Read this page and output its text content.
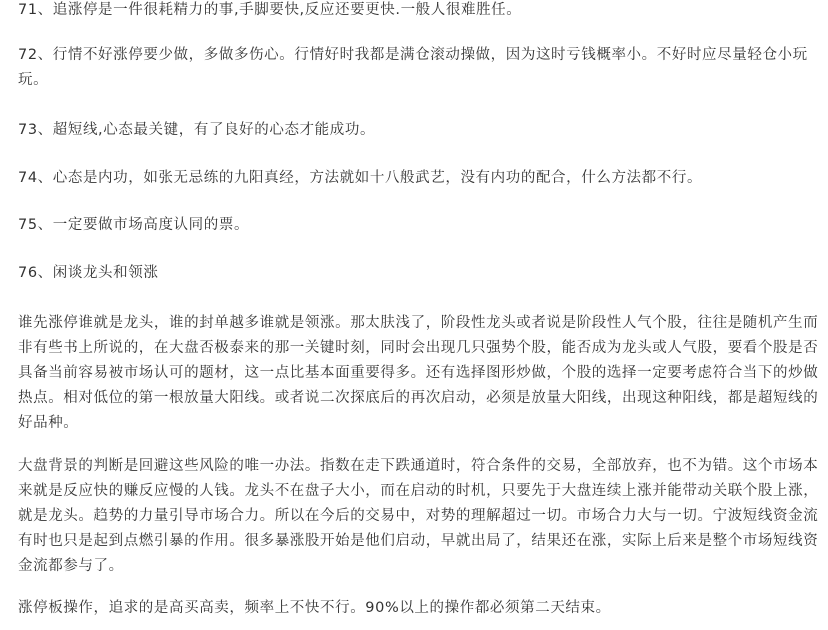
71、追涨停是一件很耗精力的事,手脚要快,反应还要更快.一般人很难胜任。

72、行情不好涨停要少做，多做多伤心。行情好时我都是满仓滚动操做，因为这时亏钱概率小。不好时应尽量轻仓小玩玩。

73、超短线,心态最关键，有了良好的心态才能成功。

74、心态是内功，如张无忌练的九阳真经，方法就如十八般武艺，没有内功的配合，什么方法都不行。

75、一定要做市场高度认同的票。

76、闲谈龙头和领涨

谁先涨停谁就是龙头，谁的封单越多谁就是领涨。那太肤浅了，阶段性龙头或者说是阶段性人气个股，往往是随机产生而非有些书上所说的，在大盘否极泰来的那一关键时刻，同时会出现几只强势个股，能否成为龙头或人气股，要看个股是否具备当前容易被市场认可的题材，这一点比基本面重要得多。还有选择图形炒做，个股的选择一定要考虑符合当下的炒做热点。相对低位的第一根放量大阳线。或者说二次探底后的再次启动，必须是放量大阳线，出现这种阳线，都是超短线的好品种。

大盘背景的判断是回避这些风险的唯一办法。指数在走下跌通道时，符合条件的交易，全部放弃，也不为错。这个市场本来就是反应快的赚反应慢的人钱。龙头不在盘子大小，而在启动的时机，只要先于大盘连续上涨并能带动关联个股上涨，就是龙头。趋势的力量引导市场合力。所以在今后的交易中，对势的理解超过一切。市场合力大与一切。宁波短线资金流有时也只是起到点燃引暴的作用。很多暴涨股开始是他们启动，早就出局了，结果还在涨，实际上后来是整个市场短线资金流都参与了。

涨停板操作，追求的是高买高卖，频率上不快不行。90%以上的操作都必须第二天结束。
